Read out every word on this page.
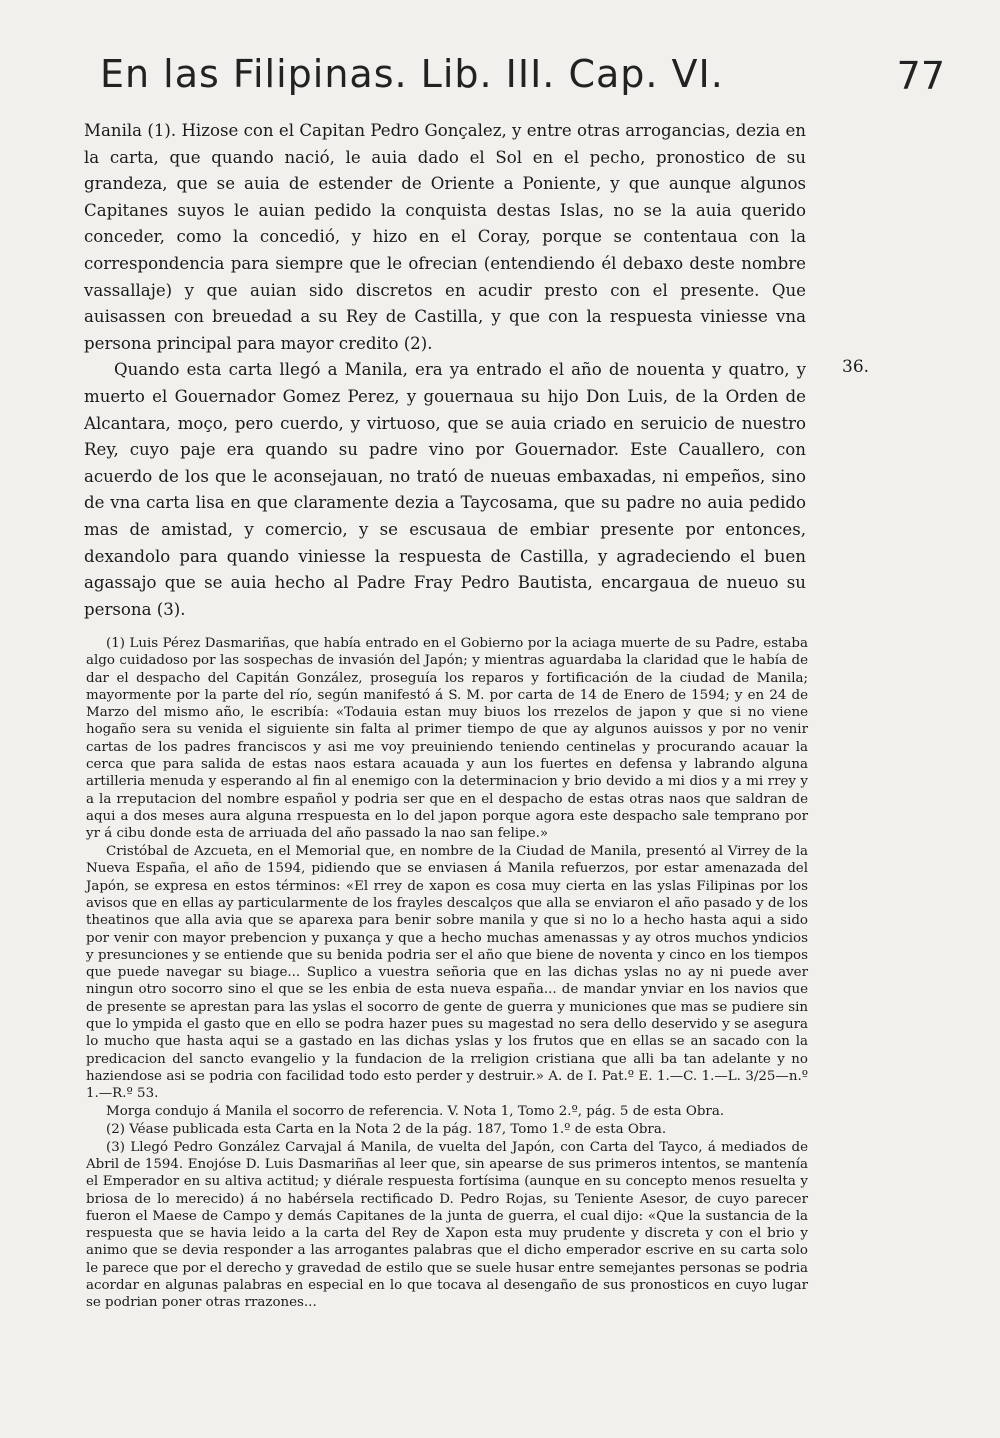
En las Filipinas. Lib. III. Cap. VI.	77

Manila (1). Hizose con el Capitan Pedro Gonçalez, y entre otras arrogancias, dezia en la carta, que quando nació, le auia dado el Sol en el pecho, pronostico de su grandeza, que se auia de estender de Oriente a Poniente, y que aunque algunos Capitanes suyos le auian pedido la conquista destas Islas, no se la auia querido conceder, como la concedió, y hizo en el Coray, porque se contentaua con la correspondencia para siempre que le ofrecian (entendiendo él debaxo deste nombre vassallaje) y que auian sido discretos en acudir presto con el presente. Que auisassen con breuedad a su Rey de Castilla, y que con la respuesta viniesse vna persona principal para mayor credito (2).

Quando esta carta llegó a Manila, era ya entrado el año de nouenta y quatro, y muerto el Gouernador Gomez Perez, y gouernaua su hijo Don Luis, de la Orden de Alcantara, moço, pero cuerdo, y virtuoso, que se auia criado en seruicio de nuestro Rey, cuyo paje era quando su padre vino por Gouernador. Este Cauallero, con acuerdo de los que le aconsejauan, no trató de nueuas embaxadas, ni empeños, sino de vna carta lisa en que claramente dezia a Taycosama, que su padre no auia pedido mas de amistad, y comercio, y se escusaua de embiar presente por entonces, dexandolo para quando viniesse la respuesta de Castilla, y agradeciendo el buen agassajo que se auia hecho al Padre Fray Pedro Bautista, encargaua de nueuo su persona (3).

36.

(1) Luis Pérez Dasmariñas, que había entrado en el Gobierno por la aciaga muerte de su Padre, estaba algo cuidadoso por las sospechas de invasión del Japón; y mientras aguardaba la claridad que le había de dar el despacho del Capitán González, proseguía los reparos y fortificación de la ciudad de Manila; mayormente por la parte del río, según manifestó á S. M. por carta de 14 de Enero de 1594; y en 24 de Marzo del mismo año, le escribía: «Todauia estan muy biuos los rrezelos de japon y que si no viene hogaño sera su venida el siguiente sin falta al primer tiempo de que ay algunos auissos y por no venir cartas de los padres franciscos y asi me voy preuiniendo teniendo centinelas y procurando acauar la cerca que para salida de estas naos estara acauada y aun los fuertes en defensa y labrando alguna artilleria menuda y esperando al fin al enemigo con la determinacion y brio devido a mi dios y a mi rrey y a la rreputacion del nombre español y podria ser que en el despacho de estas otras naos que saldran de aqui a dos meses aura alguna rrespuesta en lo del japon porque agora este despacho sale temprano por yr á cibu donde esta de arriuada del año passado la nao san felipe.»

Cristóbal de Azcueta, en el Memorial que, en nombre de la Ciudad de Manila, presentó al Virrey de la Nueva España, el año de 1594, pidiendo que se enviasen á Manila refuerzos, por estar amenazada del Japón, se expresa en estos términos: «El rrey de xapon es cosa muy cierta en las yslas Filipinas por los avisos que en ellas ay particularmente de los frayles descalços que alla se enviaron el año pasado y de los theatinos que alla avia que se aparexa para benir sobre manila y que si no lo a hecho hasta aqui a sido por venir con mayor prebencion y puxança y que a hecho muchas amenassas y ay otros muchos yndicios y presunciones y se entiende que su benida podria ser el año que biene de noventa y cinco en los tiempos que puede navegar su biage... Suplico a vuestra señoria que en las dichas yslas no ay ni puede aver ningun otro socorro sino el que se les enbia de esta nueva españa... de mandar ynviar en los navios que de presente se aprestan para las yslas el socorro de gente de guerra y municiones que mas se pudiere sin que lo ympida el gasto que en ello se podra hazer pues su magestad no sera dello deservido y se asegura lo mucho que hasta aqui se a gastado en las dichas yslas y los frutos que en ellas se an sacado con la predicacion del sancto evangelio y la fundacion de la rreligion cristiana que alli ba tan adelante y no haziendose asi se podria con facilidad todo esto perder y destruir.» A. de I. Pat.º E. 1.—C. 1.—L. 3/25—n.º 1.—R.º 53.

Morga condujo á Manila el socorro de referencia. V. Nota 1, Tomo 2.º, pág. 5 de esta Obra.

(2) Véase publicada esta Carta en la Nota 2 de la pág. 187, Tomo 1.º de esta Obra.

(3) Llegó Pedro González Carvajal á Manila, de vuelta del Japón, con Carta del Tayco, á mediados de Abril de 1594. Enojóse D. Luis Dasmariñas al leer que, sin apearse de sus primeros intentos, se mantenía el Emperador en su altiva actitud; y diérale respuesta fortísima (aunque en su concepto menos resuelta y briosa de lo merecido) á no habérsela rectificado D. Pedro Rojas, su Teniente Asesor, de cuyo parecer fueron el Maese de Campo y demás Capitanes de la junta de guerra, el cual dijo: «Que la sustancia de la respuesta que se havia leido a la carta del Rey de Xapon esta muy prudente y discreta y con el brio y animo que se devia responder a las arrogantes palabras que el dicho emperador escrive en su carta solo le parece que por el derecho y gravedad de estilo que se suele husar entre semejantes personas se podria acordar en algunas palabras en especial en lo que tocava al desengaño de sus pronosticos en cuyo lugar se podrian poner otras rrazones...
